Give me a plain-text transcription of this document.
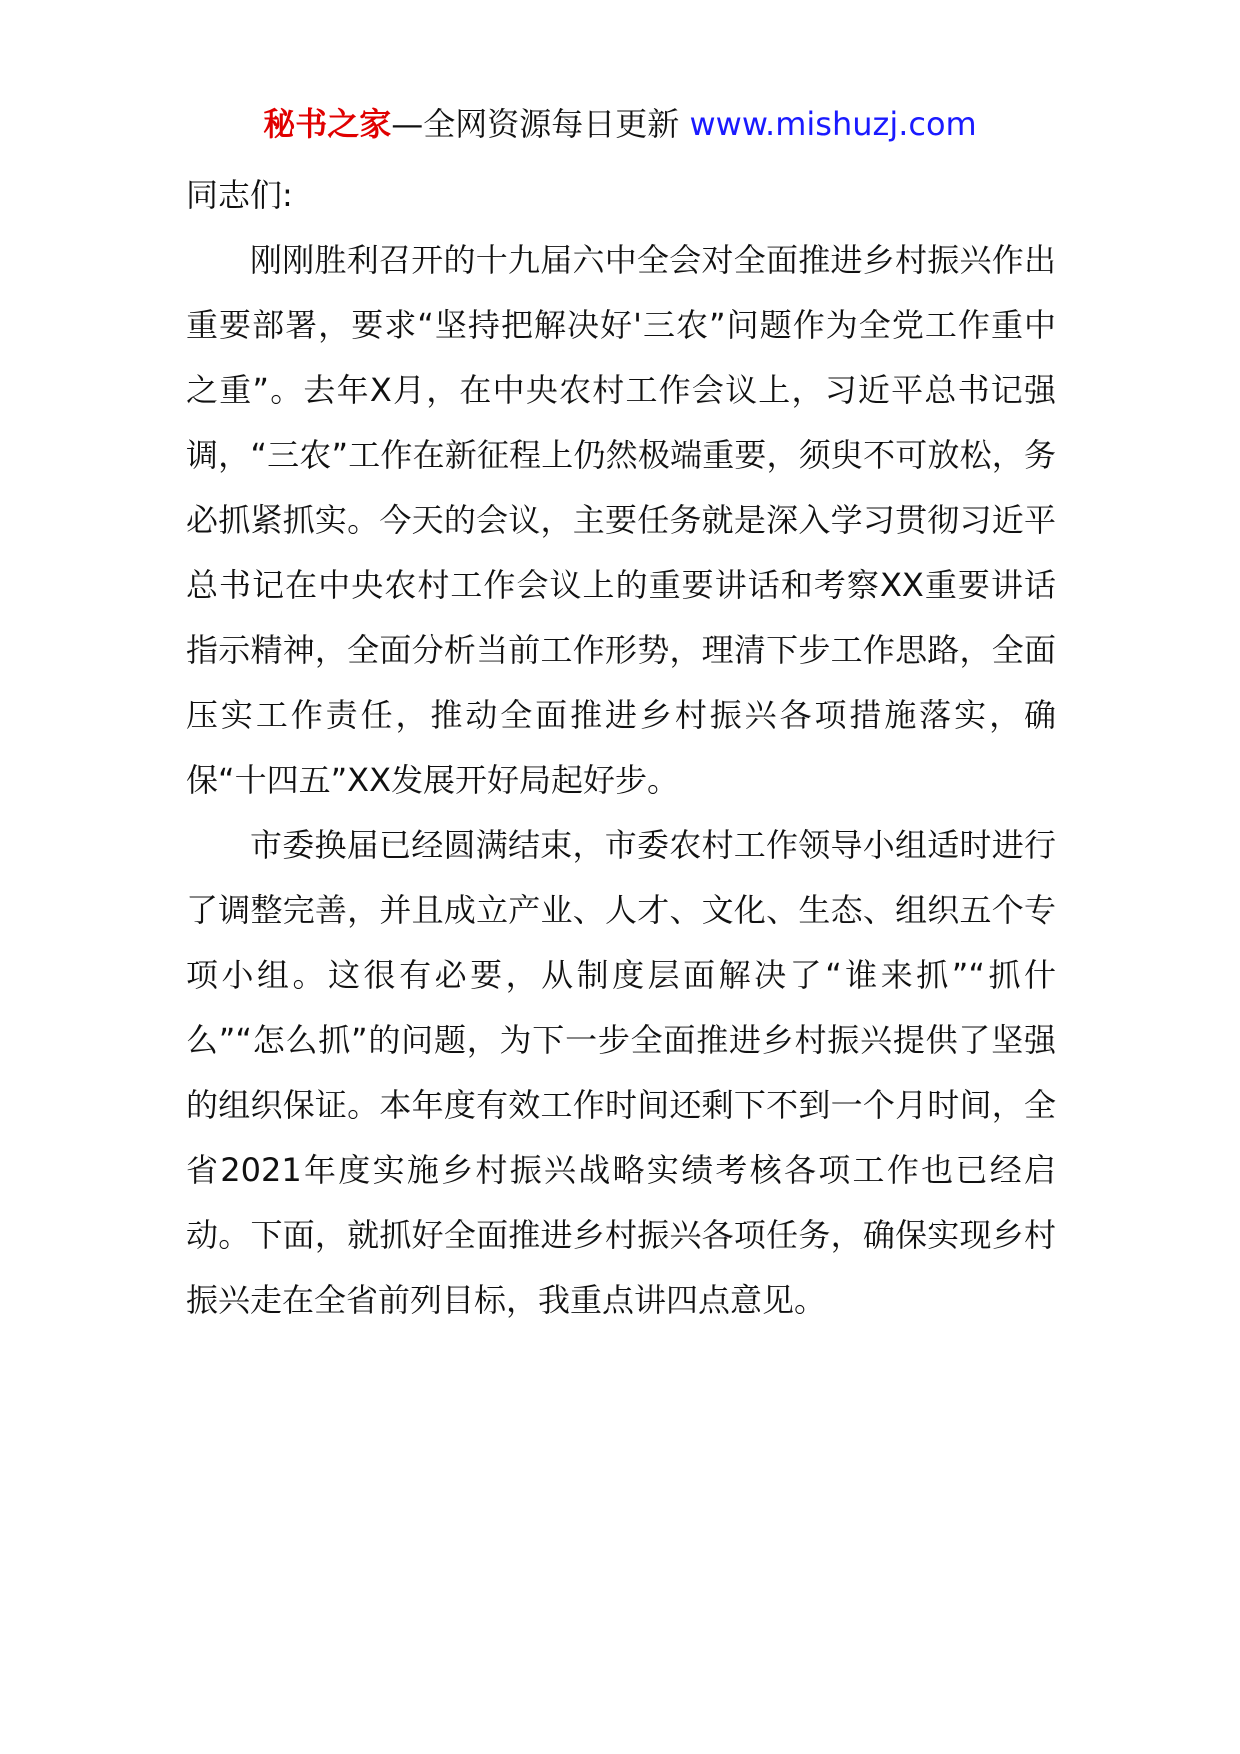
秘书之家—全网资源每日更新 www.mishuzj.com

同志们:

刚刚胜利召开的十九届六中全会对全面推进乡村振兴作出重要部署，要求“坚持把解决好'三农”问题作为全党工作重中之重”。去年X月，在中央农村工作会议上，习近平总书记强调，“三农”工作在新征程上仍然极端重要，须臾不可放松，务必抓紧抓实。今天的会议，主要任务就是深入学习贯彻习近平总书记在中央农村工作会议上的重要讲话和考察XX重要讲话指示精神，全面分析当前工作形势，理清下步工作思路，全面压实工作责任，推动全面推进乡村振兴各项措施落实，确保“十四五”XX发展开好局起好步。

市委换届已经圆满结束，市委农村工作领导小组适时进行了调整完善，并且成立产业、人才、文化、生态、组织五个专项小组。这很有必要，从制度层面解决了“谁来抓”“抓什么”“怎么抓”的问题，为下一步全面推进乡村振兴提供了坚强的组织保证。本年度有效工作时间还剩下不到一个月时间，全省2021年度实施乡村振兴战略实绩考核各项工作也已经启动。下面，就抓好全面推进乡村振兴各项任务，确保实现乡村振兴走在全省前列目标，我重点讲四点意见。
